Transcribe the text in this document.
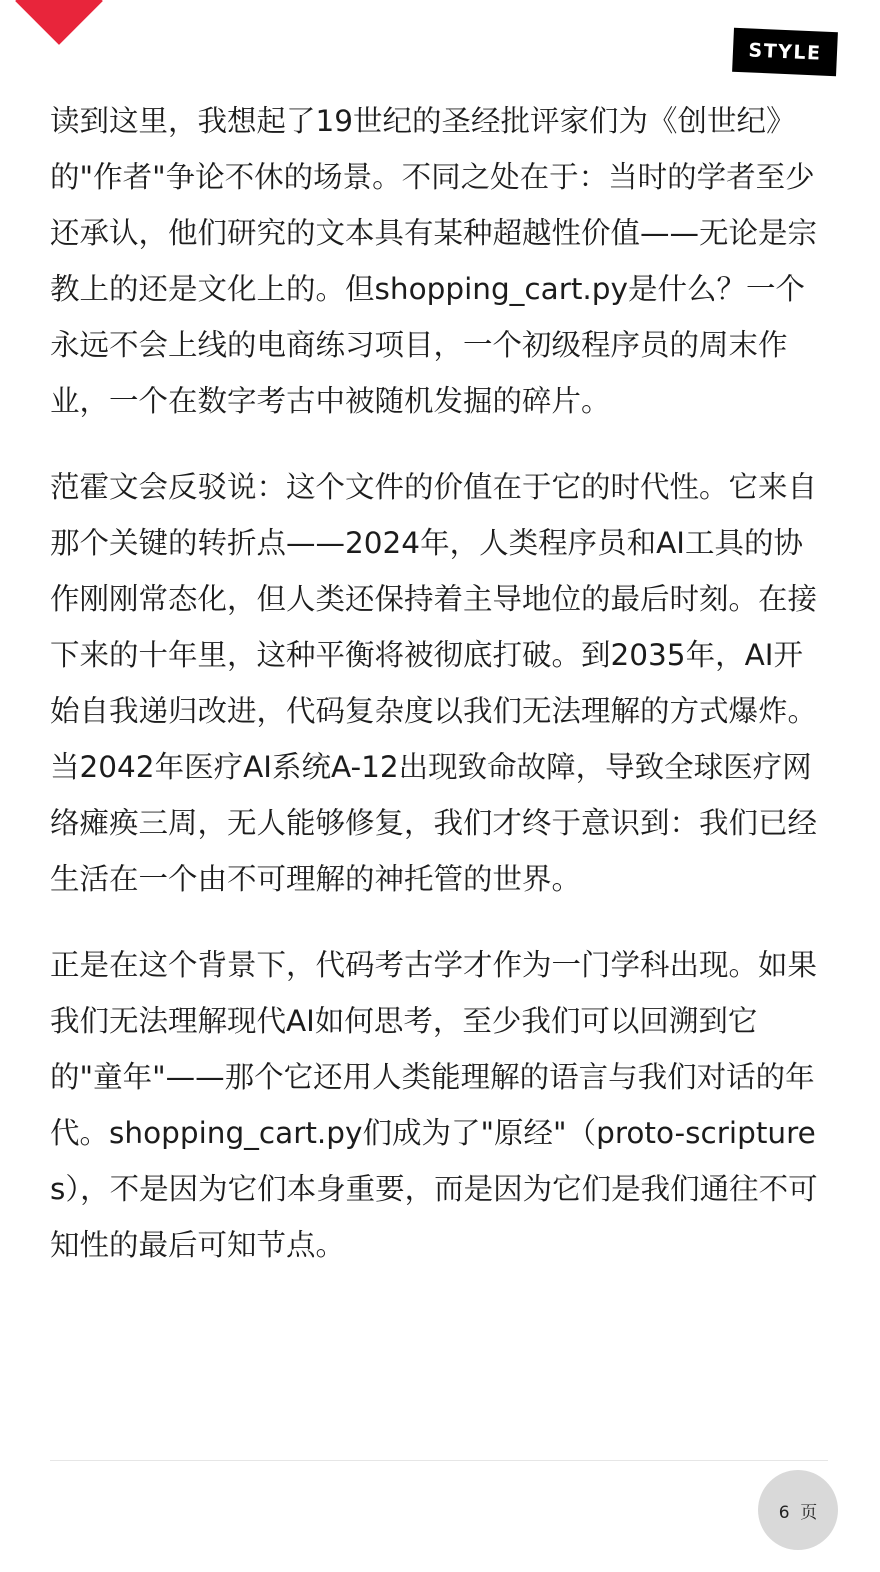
STYLE

读到这里，我想起了19世纪的圣经批评家们为《创世纪》的"作者"争论不休的场景。不同之处在于：当时的学者至少还承认，他们研究的文本具有某种超越性价值——无论是宗教上的还是文化上的。但shopping_cart.py是什么？一个永远不会上线的电商练习项目，一个初级程序员的周末作业，一个在数字考古中被随机发掘的碎片。

范霍文会反驳说：这个文件的价值在于它的时代性。它来自那个关键的转折点——2024年，人类程序员和AI工具的协作刚刚常态化，但人类还保持着主导地位的最后时刻。在接下来的十年里，这种平衡将被彻底打破。到2035年，AI开始自我递归改进，代码复杂度以我们无法理解的方式爆炸。当2042年医疗AI系统A-12出现致命故障，导致全球医疗网络瘫痪三周，无人能够修复，我们才终于意识到：我们已经生活在一个由不可理解的神托管的世界。

正是在这个背景下，代码考古学才作为一门学科出现。如果我们无法理解现代AI如何思考，至少我们可以回溯到它的"童年"——那个它还用人类能理解的语言与我们对话的年代。shopping_cart.py们成为了"原经"（proto-scriptures），不是因为它们本身重要，而是因为它们是我们通往不可知性的最后可知节点。

6  页
